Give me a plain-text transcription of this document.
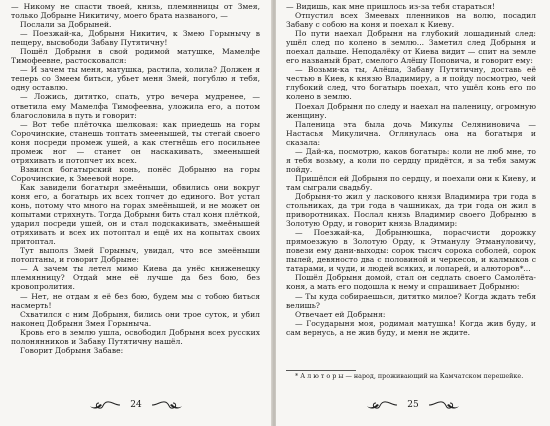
— Никому не спасти твоей, князь, племянницы от Змея, только Добрыне Никитичу, моего брата названого, —

Послали за Добрыней.

— Поезжай-ка, Добрыня Никитич, к Змею Горынычу в пещеру, высвободи Забаву Путятичну!

Пошёл Добрыня в свой родимой матушке, Мамелфе Тимофеевне, растосковался:

— И зачем ты меня, матушка, растила, холила? Должен я теперь со Змеем биться, убьет меня Змей, погублю я тебя, одну оставлю.

— Ложись, дитятко, спать, утро вечера мудренее, — ответила ему Мамелфа Тимофеевна, уложила его, а потом благословила в путь и говорит:

— Вот тебе плёточка шелковая: как приедешь на горы Сорочинские, станешь топтать змеенышей, ты стегай своего коня посреди промеж ушей, а как стегнёшь его посильнее промеж ног — станет он наскакивать, змеенышей отряхивать и потопчет их всех.

Взвился богатырский конь, понёс Добрыню на горы Сорочинские, к Змеевой норе.

Как завидели богатыря змеёныши, обвились они вокруг коня его, а богатырь их всех топчет до единого. Вот устал конь, потому что много на горах змеёнышей, и не может он копытами стряхнуть. Тогда Добрыня бить стал коня плёткой, ударил посреди ушей, он и стал подскакивать, змеёнышей отряхивать и всех их потоптал и ещё их на копытах своих притоптал.

Тут выполз Змей Горыныч, увидал, что все змеёныши потоптаны, и говорит Добрыне:

— А зачем ты летел мимо Киева да унёс княженецку племянницу? Отдай мне её лучше да без бою, без кровопролития.

— Нет, не отдам я её без бою, будем мы с тобою биться насмерть!

Схватился с ним Добрыня, бились они трое суток, и убил наконец Добрыня Змея Горыныча.

Кровь его в землю ушла, освободил Добрыня всех русских полонянников и Забаву Путятичну нашёл.

Говорит Добрыня Забаве:

24

— Видишь, как мне пришлось из-за тебя стараться!

Отпустил всех Змеевых пленников на волю, посадил Забаву с собою на коня и поехал к Киеву.

По пути наехал Добрыня на глубокий лошадиный след: ушёл след по колено в землю... Заметил след Добрыня и поехал дальше. Неподалёку от Киева видит — спит на земле его названый брат, смелого Алёшу Поповича, и говорит ему:

— Возьми-ка ты, Алёша, Забаву Путятичну, доставь её честью в Киев, к князю Владимиру, а я пойду посмотрю, чей глубокий след, что богатырь поехал, что ушёл конь его по колено в землю.

Поехал Добрыня по следу и наехал на паленицу, огромную женщину.

Паленица эта была дочь Микулы Селяниновича — Настасья Микулична. Оглянулась она на богатыря и сказала:

— Дай-ка, посмотрю, каков богатырь: коли не люб мне, то я тебя возьму, а коли по сердцу придётся, я за тебя замуж пойду.

Пришёлся ей Добрыня по сердцу, и поехали они к Киеву, и там сыграли свадьбу.

Добрыня-то жил у ласкового князя Владимира три года в стольниках, да три года в чашниках, да три года он жил в приворотниках. Послал князь Владимир своего Добрыню в Золотую Орду, и говорит князь Владимир:

— Поезжай-ка, Добрынюшка, порасчисти дорожку прямоезжую в Золотую Орду, к Этманулу Этмануловичу, повези ему дани-выходы: сорок тысяч сорока соболей, сорок пылей, девяносто два с половиной и черкесов, и калмыков с татарами, и чуди, и людей всяких, и лопарей, и алюторов*...

Пошёл Добрыня домой, стал он седлать своего Самолёта-коня, а мать его подошла к нему и спрашивает Добрыню:

— Ты куда собираешься, дитятко милое? Когда ждать тебя велишь?

Отвечает ей Добрыня:

— Государыня моя, родимая матушка! Когда жив буду, и сам вернусь, а не жив буду, и меня не ждите.

* А л ю т о р ы — народ, проживающий на Камчатском перешейке.
25
